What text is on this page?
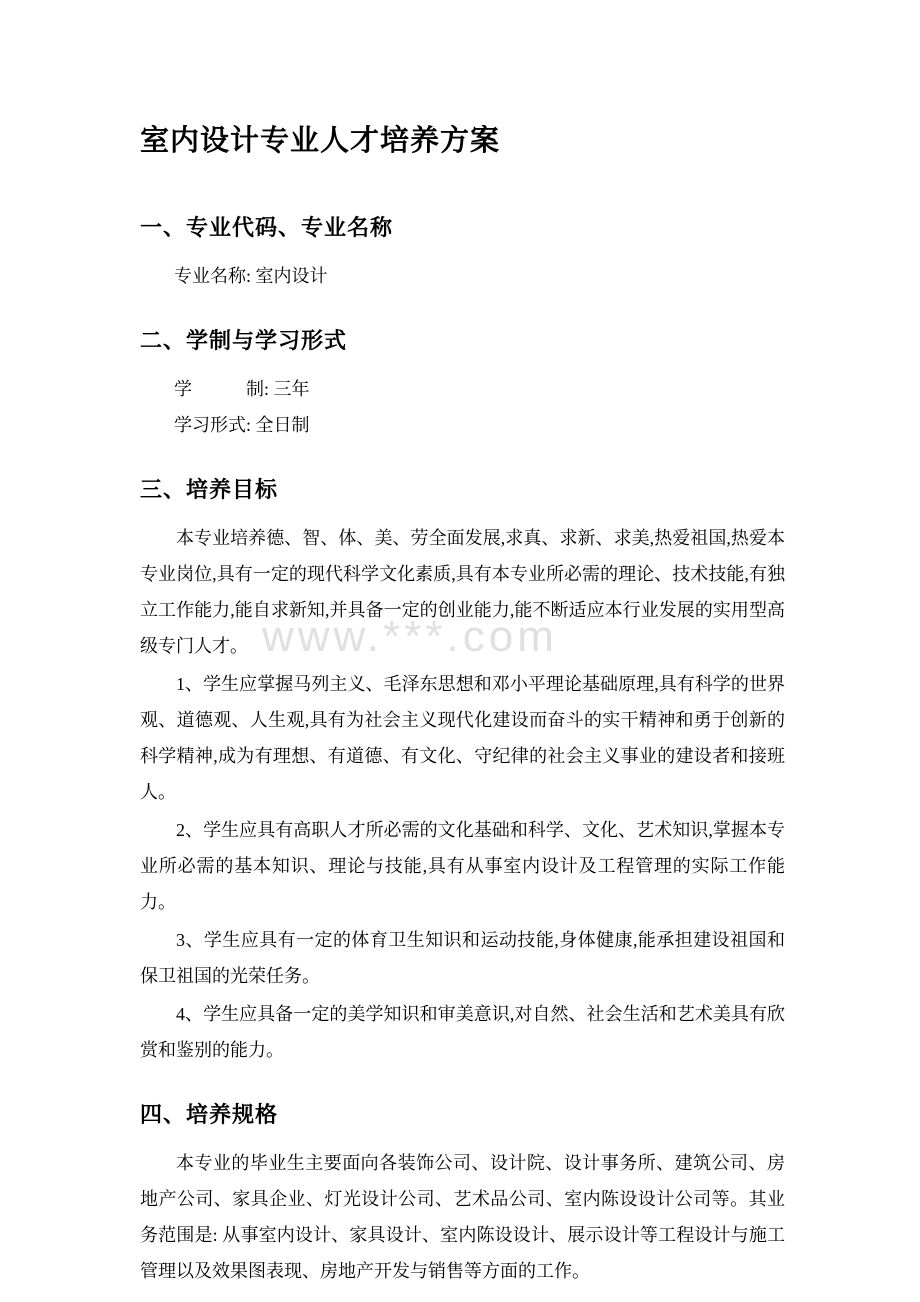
www.***.com
室内设计专业人才培养方案
一、专业代码、专业名称
专业名称: 室内设计
二、学制与学习形式
学　　　制: 三年
学习形式: 全日制
三、培养目标

本专业培养德、智、体、美、劳全面发展,求真、求新、求美,热爱祖国,热爱本专业岗位,具有一定的现代科学文化素质,具有本专业所必需的理论、技术技能,有独立工作能力,能自求新知,并具备一定的创业能力,能不断适应本行业发展的实用型高级专门人才。

1、学生应掌握马列主义、毛泽东思想和邓小平理论基础原理,具有科学的世界观、道德观、人生观,具有为社会主义现代化建设而奋斗的实干精神和勇于创新的科学精神,成为有理想、有道德、有文化、守纪律的社会主义事业的建设者和接班人。

2、学生应具有高职人才所必需的文化基础和科学、文化、艺术知识,掌握本专业所必需的基本知识、理论与技能,具有从事室内设计及工程管理的实际工作能力。

3、学生应具有一定的体育卫生知识和运动技能,身体健康,能承担建设祖国和保卫祖国的光荣任务。

4、学生应具备一定的美学知识和审美意识,对自然、社会生活和艺术美具有欣赏和鉴别的能力。

四、培养规格

本专业的毕业生主要面向各装饰公司、设计院、设计事务所、建筑公司、房地产公司、家具企业、灯光设计公司、艺术品公司、室内陈设设计公司等。其业务范围是: 从事室内设计、家具设计、室内陈设设计、展示设计等工程设计与施工管理以及效果图表现、房地产开发与销售等方面的工作。
